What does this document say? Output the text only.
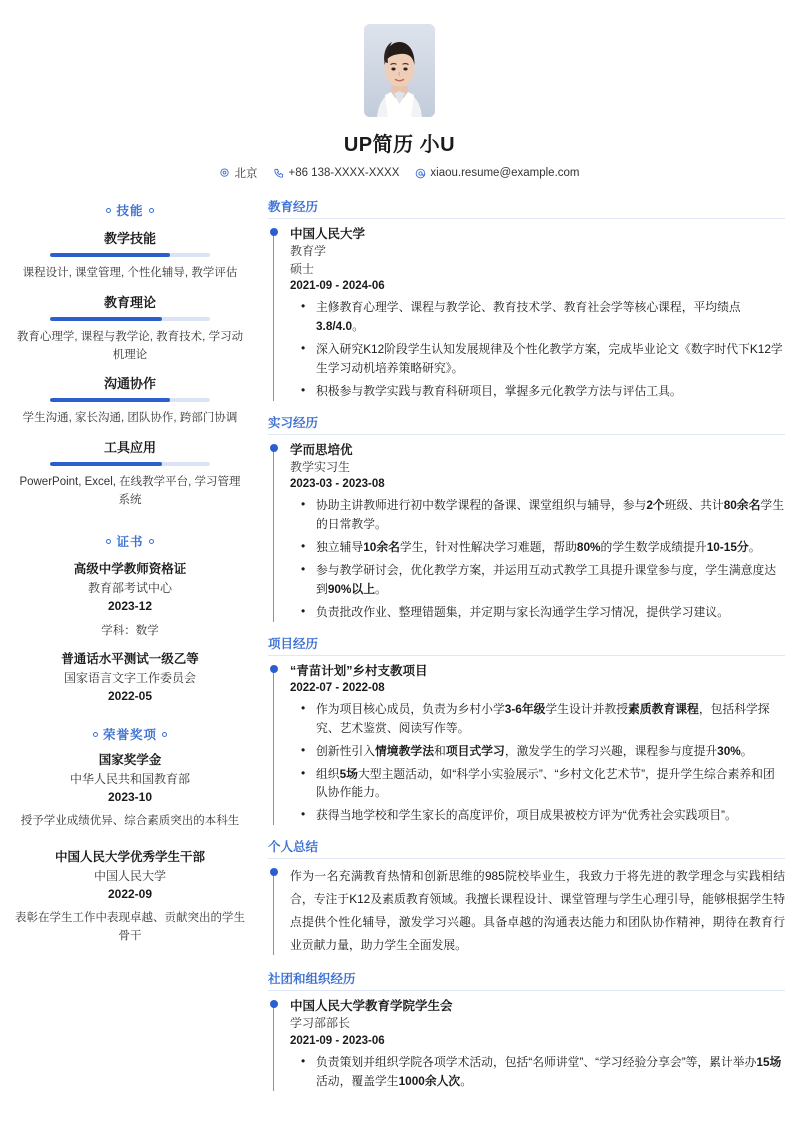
UP简历 小U
北京	+86 138-XXXX-XXXX	xiaou.resume@example.com
技能
教学技能
课程设计, 课堂管理, 个性化辅导, 教学评估
教育理论
教育心理学, 课程与教学论, 教育技术, 学习动机理论
沟通协作
学生沟通, 家长沟通, 团队协作, 跨部门协调
工具应用
PowerPoint, Excel, 在线教学平台, 学习管理系统
证书
高级中学教师资格证
教育部考试中心
2023-12
学科：数学
普通话水平测试一级乙等
国家语言文字工作委员会
2022-05
荣誉奖项
国家奖学金
中华人民共和国教育部
2023-10
授予学业成绩优异、综合素质突出的本科生
中国人民大学优秀学生干部
中国人民大学
2022-09
表彰在学生工作中表现卓越、贡献突出的学生骨干
教育经历
中国人民大学
教育学
硕士
2021-09 - 2024-06
• 主修教育心理学、课程与教学论、教育技术学、教育社会学等核心课程，平均绩点3.8/4.0。
• 深入研究K12阶段学生认知发展规律及个性化教学方案，完成毕业论文《数字时代下K12学生学习动机培养策略研究》。
• 积极参与教学实践与教育科研项目，掌握多元化教学方法与评估工具。
实习经历
学而思培优
教学实习生
2023-03 - 2023-08
• 协助主讲教师进行初中数学课程的备课、课堂组织与辅导，参与2个班级、共计80余名学生的日常教学。
• 独立辅导10余名学生，针对性解决学习难题，帮助80%的学生数学成绩提升10-15分。
• 参与教学研讨会，优化教学方案，并运用互动式教学工具提升课堂参与度，学生满意度达到90%以上。
• 负责批改作业、整理错题集，并定期与家长沟通学生学习情况，提供学习建议。
项目经历
“青苗计划”乡村支教项目
2022-07 - 2022-08
• 作为项目核心成员，负责为乡村小学3-6年级学生设计并教授素质教育课程，包括科学探究、艺术鉴赏、阅读写作等。
• 创新性引入情境教学法和项目式学习，激发学生的学习兴趣，课程参与度提升30%。
• 组织5场大型主题活动，如“科学小实验展示”、“乡村文化艺术节”，提升学生综合素养和团队协作能力。
• 获得当地学校和学生家长的高度评价，项目成果被校方评为“优秀社会实践项目”。
个人总结

作为一名充满教育热情和创新思维的985院校毕业生，我致力于将先进的教学理念与实践相结合，专注于K12及素质教育领域。我擅长课程设计、课堂管理与学生心理引导，能够根据学生特点提供个性化辅导，激发学习兴趣。具备卓越的沟通表达能力和团队协作精神，期待在教育行业贡献力量，助力学生全面发展。

社团和组织经历
中国人民大学教育学院学生会
学习部部长
2021-09 - 2023-06
• 负责策划并组织学院各项学术活动，包括“名师讲堂”、“学习经验分享会”等，累计举办15场活动，覆盖学生1000余人次。
